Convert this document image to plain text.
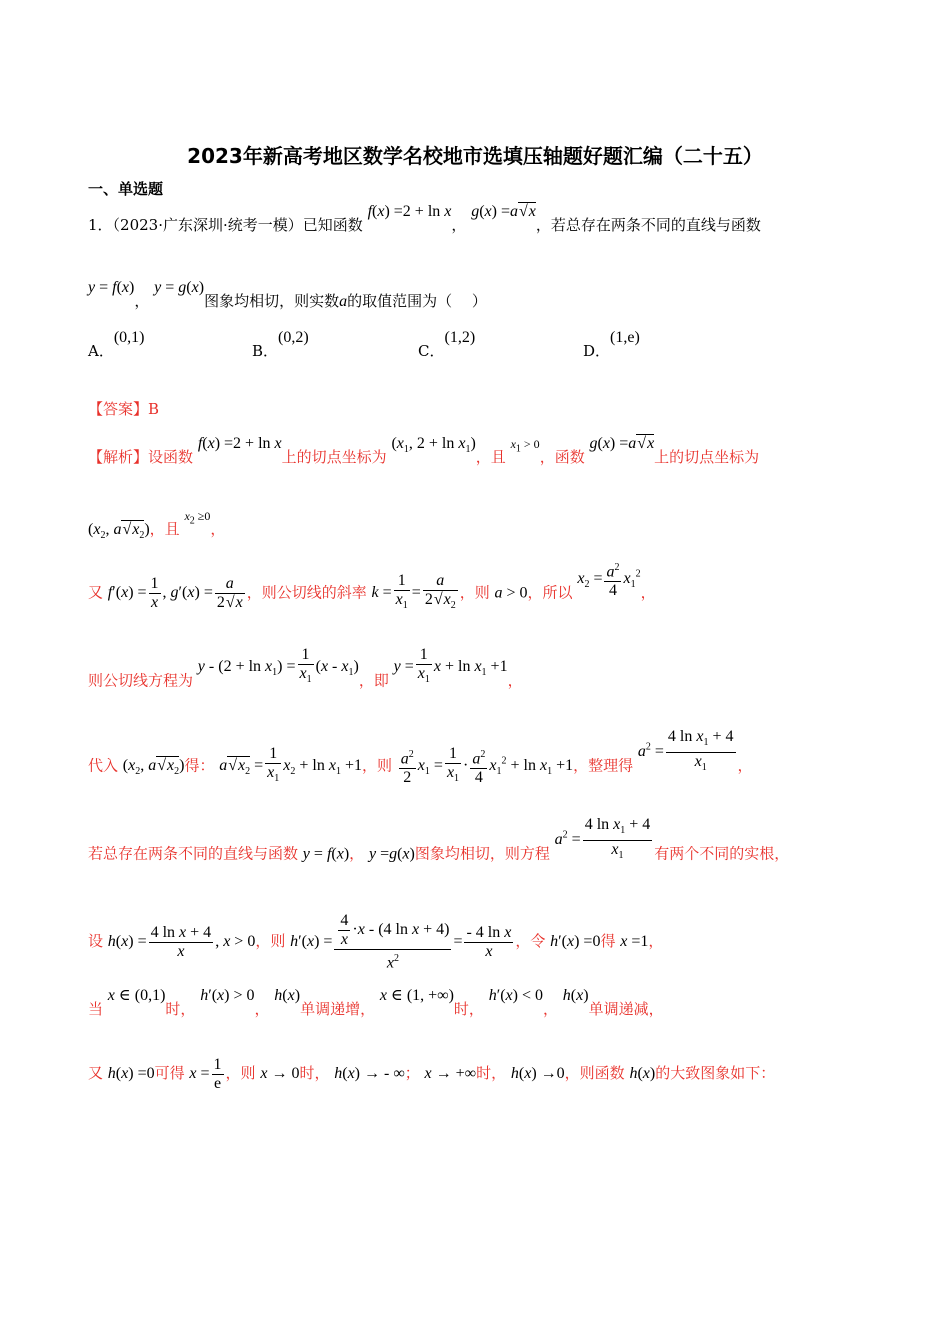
2023年新高考地区数学名校地市选填压轴题好题汇编（二十五）
一、单选题
1．（2023·广东深圳·统考一模）已知函数 f(x) =2 + ln x， g(x) =a √ x，若总存在两条不同的直线与函数
y = f(x)， y = g(x)图象均相切，则实数a的取值范围为（　 ）
A．(0,1)
B．(0,2)
C．(1,2)
D．(1,e)
【答案】B
【解析】设函数 f(x) =2 + ln x上的切点坐标为 ($x_1$, $2 + \ln x_1$)，且 $^{x_1 > 0}$，函数 g(x) =a √ x上的切点坐标为
($x_2$, a √ $x_2$)，且 $^{x_2 \ge 0}$，
又 $f'(x) = \frac{1}{x}$ , $g'(x) = \frac{a}{2 √ x}$ ，则公切线的斜率 $k = \frac{1}{x_1} = \frac{a}{2 √ x_2}$ ，则 a > 0，所以 $x_2 = \frac{a^2}{4} x_1^2$，
则公切线方程为 $y - (2 + \ln x_1) = \frac{1}{x_1} (x - x_1)$，即 $y = \frac{1}{x_1}$ $x + \ln x_1 +1$，
代入 ($x_2$, a √ $x_2$)得： a √ $x_2 = \frac{1}{x_1} x_2 + \ln x_1 +1$，则 $\frac{a^2}{2} x_1 = \frac{1}{x_1} \cdot \frac{a^2}{4} x_1^2 + \ln x_1 +1$，整理得 $a^2 = \frac{4 \ln x_1 + 4}{x_1}$ ，
若总存在两条不同的直线与函数 y = f(x)， y =g(x)图象均相切，则方程 $a^2 = \frac{4 \ln x_1 + 4}{x_1}$ 有两个不同的实根，
设 $h(x) = \frac{\text{4 ln x + 4}}{x}$ , x > 0，则 $h'(x) = \frac{\frac{4}{x} \cdot x - (4 \ln x + 4)}{x^2} = \frac{\text{- 4 ln x}}{x}$ ，令 h′(x) =0得 x =1，
当 x ∈ (0,1)时， h′(x) > 0， h(x)单调递增， x ∈ (1, +∞)时， h′(x) < 0， h(x)单调递减，
又 h(x) =0可得 $x = \frac{1}{e}$ ，则 x → 0时， h(x) → - ∞； x → +∞时， h(x) →0，则函数 h(x)的大致图象如下：
